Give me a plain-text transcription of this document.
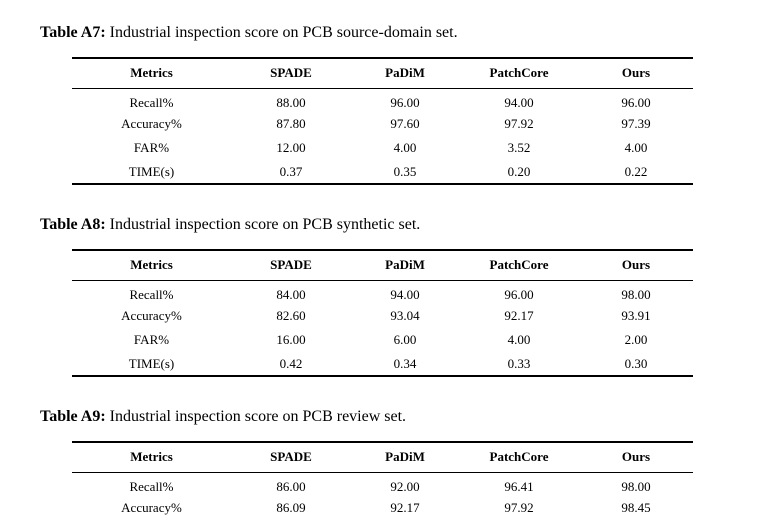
Table A7: Industrial inspection score on PCB source-domain set.
Metrics	SPADE	PaDiM	PatchCore	Ours
Recall%	88.00	96.00	94.00	96.00
Accuracy%	87.80	97.60	97.92	97.39
FAR%	12.00	4.00	3.52	4.00
TIME(s)	0.37	0.35	0.20	0.22
Table A8: Industrial inspection score on PCB synthetic set.
Metrics	SPADE	PaDiM	PatchCore	Ours
Recall%	84.00	94.00	96.00	98.00
Accuracy%	82.60	93.04	92.17	93.91
FAR%	16.00	6.00	4.00	2.00
TIME(s)	0.42	0.34	0.33	0.30
Table A9: Industrial inspection score on PCB review set.
Metrics	SPADE	PaDiM	PatchCore	Ours
Recall%	86.00	92.00	96.41	98.00
Accuracy%	86.09	92.17	97.92	98.45
